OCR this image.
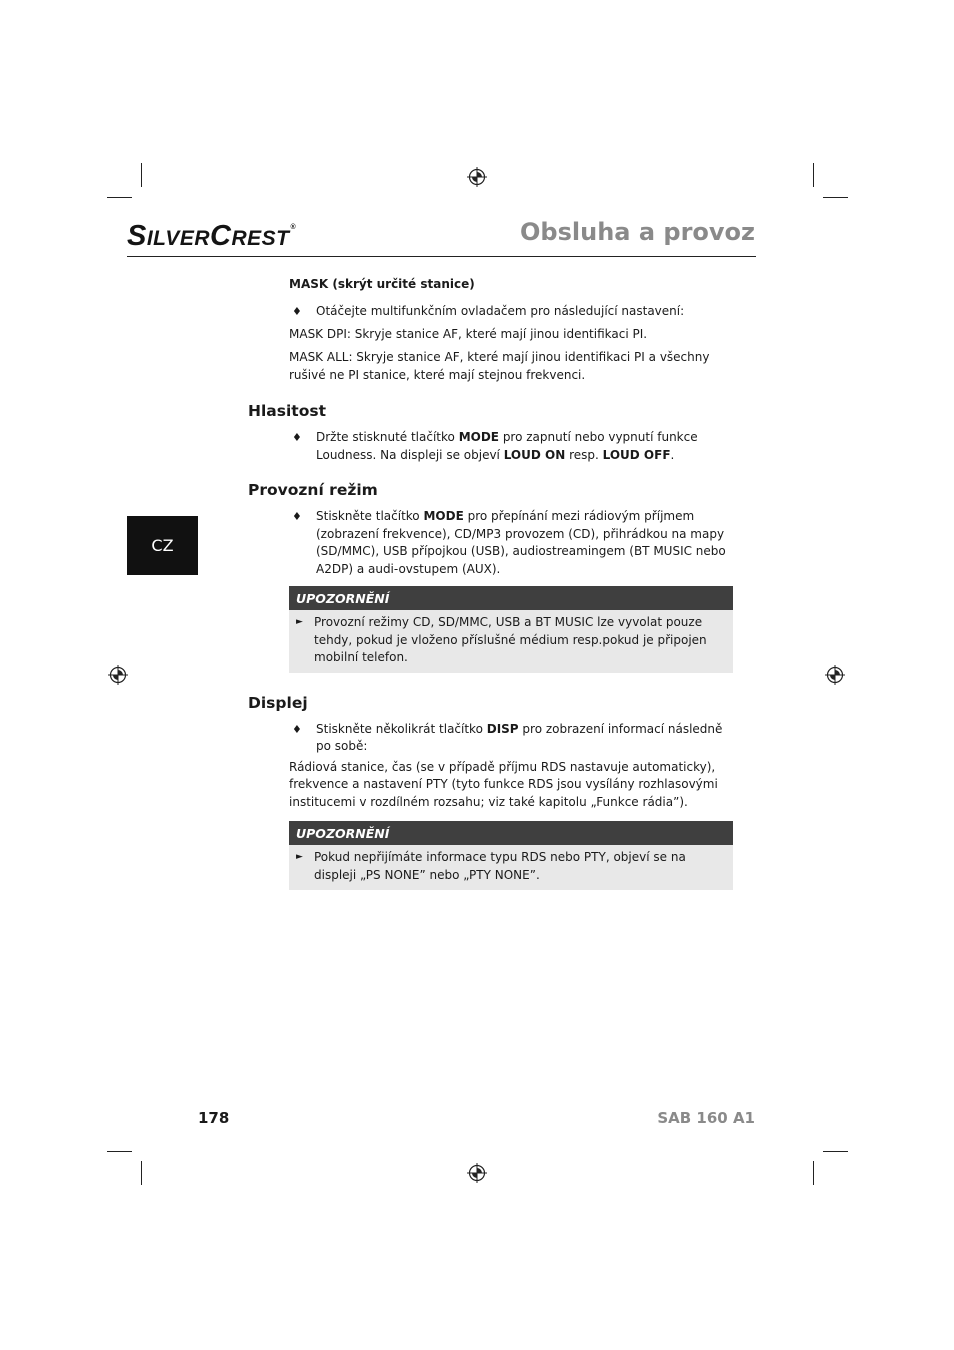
SILVERCREST®	Obsluha a provoz
CZ
MASK (skrýt určité stanice)
♦	Otáčejte multifunkčním ovladačem pro následující nastavení:

MASK DPI: Skryje stanice AF, které mají jinou identifikaci PI.

MASK ALL: Skryje stanice AF, které mají jinou identifikaci PI a všechny rušivé ne PI stanice, které mají stejnou frekvenci.

Hlasitost
♦	Držte stisknuté tlačítko MODE pro zapnutí nebo vypnutí funkce Loudness. Na displeji se objeví LOUD ON resp. LOUD OFF.
Provozní režim
♦	Stiskněte tlačítko MODE pro přepínání mezi rádiovým příjmem (zobrazení frekvence), CD/MP3 provozem (CD), přihrádkou na mapy (SD/MMC), USB přípojkou (USB), audiostreamingem (BT MUSIC nebo A2DP) a audi-ovstupem (AUX).
UPOZORNĚNÍ
► Provozní režimy CD, SD/MMC, USB a BT MUSIC lze vyvolat pouze tehdy, pokud je vloženo příslušné médium resp.pokud je připojen mobilní telefon.
Displej
♦	Stiskněte několikrát tlačítko DISP pro zobrazení informací následně po sobě:

Rádiová stanice, čas (se v případě příjmu RDS nastavuje automaticky), frekvence a nastavení PTY (tyto funkce RDS jsou vysílány rozhlasovými institucemi v rozdílném rozsahu; viz také kapitolu „Funkce rádia”).

UPOZORNĚNÍ
► Pokud nepřijímáte informace typu RDS nebo PTY, objeví se na displeji „PS NONE” nebo „PTY NONE”.
178	SAB 160 A1
